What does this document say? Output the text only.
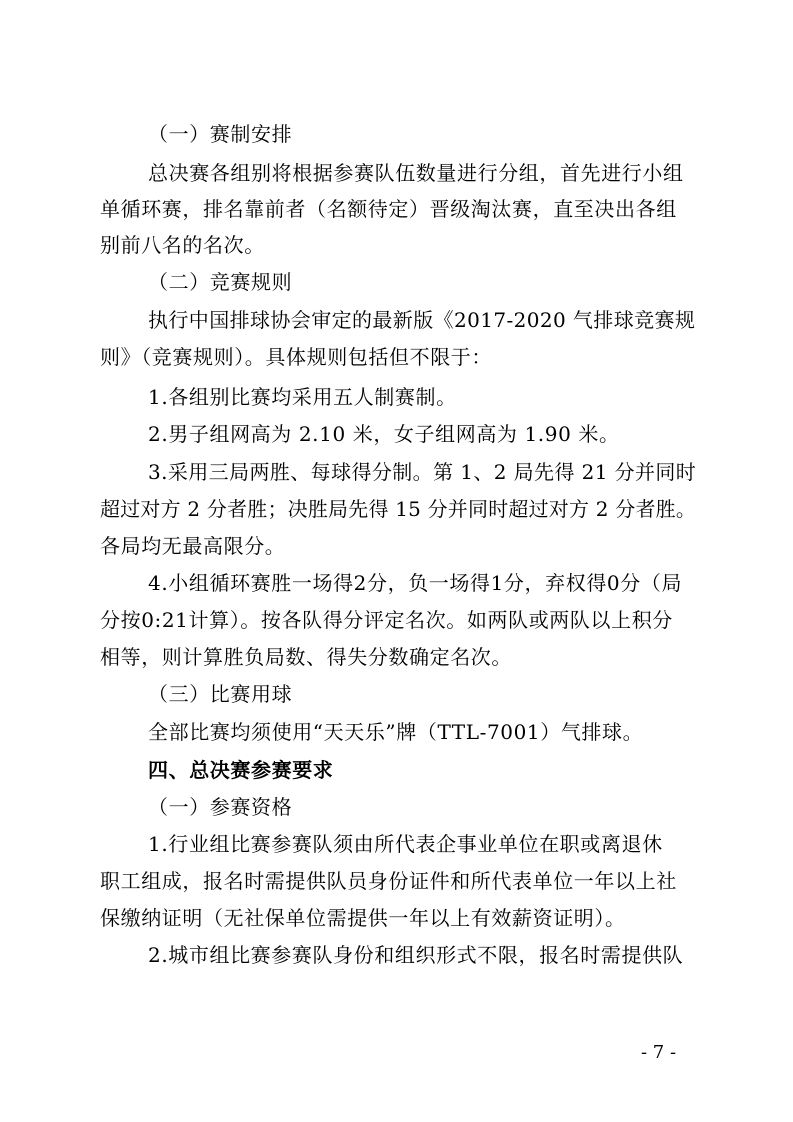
（一）赛制安排
总决赛各组别将根据参赛队伍数量进行分组，首先进行小组
单循环赛，排名靠前者（名额待定）晋级淘汰赛，直至决出各组
别前八名的名次。
（二）竞赛规则
执行中国排球协会审定的最新版《2017-2020 气排球竞赛规
则》（竞赛规则）。具体规则包括但不限于：
1.各组别比赛均采用五人制赛制。
2.男子组网高为 2.10 米，女子组网高为 1.90 米。
3.采用三局两胜、每球得分制。第 1、2 局先得 21 分并同时
超过对方 2 分者胜；决胜局先得 15 分并同时超过对方 2 分者胜。
各局均无最高限分。
4.小组循环赛胜一场得2分，负一场得1分，弃权得0分（局
分按0:21计算）。按各队得分评定名次。如两队或两队以上积分
相等，则计算胜负局数、得失分数确定名次。
（三）比赛用球
全部比赛均须使用“天天乐”牌（TTL-7001）气排球。
四、总决赛参赛要求
（一）参赛资格
1.行业组比赛参赛队须由所代表企事业单位在职或离退休
职工组成，报名时需提供队员身份证件和所代表单位一年以上社
保缴纳证明（无社保单位需提供一年以上有效薪资证明）。
2.城市组比赛参赛队身份和组织形式不限，报名时需提供队
- 7 -
